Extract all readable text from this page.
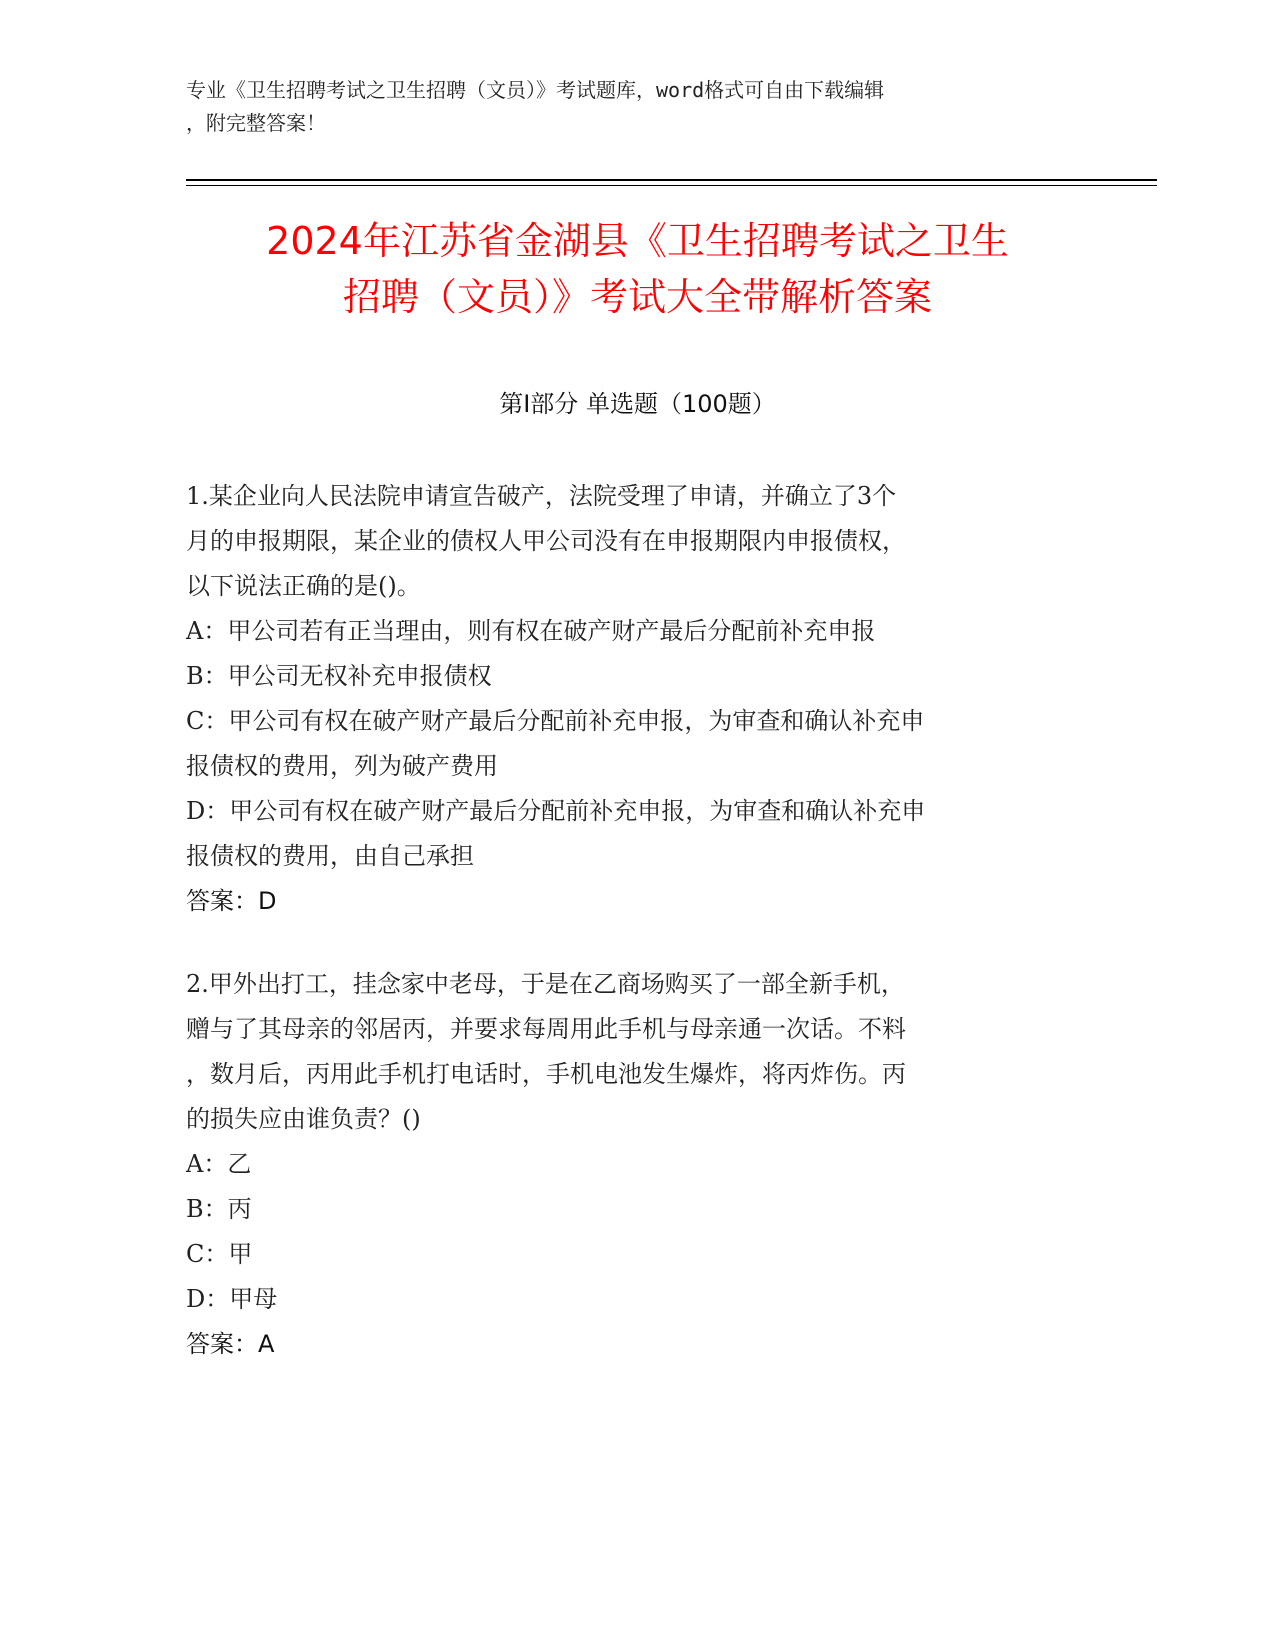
专业《卫生招聘考试之卫生招聘（文员）》考试题库，word格式可自由下载编辑
，附完整答案！
2024年江苏省金湖县《卫生招聘考试之卫生
招聘（文员）》考试大全带解析答案
第Ⅰ部分 单选题（100题）

1.某企业向人民法院申请宣告破产，法院受理了申请，并确立了3个

月的申报期限，某企业的债权人甲公司没有在申报期限内申报债权，

以下说法正确的是()。

A：甲公司若有正当理由，则有权在破产财产最后分配前补充申报
B：甲公司无权补充申报债权
C：甲公司有权在破产财产最后分配前补充申报，为审查和确认补充申
报债权的费用，列为破产费用
D：甲公司有权在破产财产最后分配前补充申报，为审查和确认补充申
报债权的费用，由自己承担

答案：D

2.甲外出打工，挂念家中老母，于是在乙商场购买了一部全新手机，

赠与了其母亲的邻居丙，并要求每周用此手机与母亲通一次话。不料

，数月后，丙用此手机打电话时，手机电池发生爆炸，将丙炸伤。丙

的损失应由谁负责？()

A：乙
B：丙
C：甲
D：甲母

答案：A
